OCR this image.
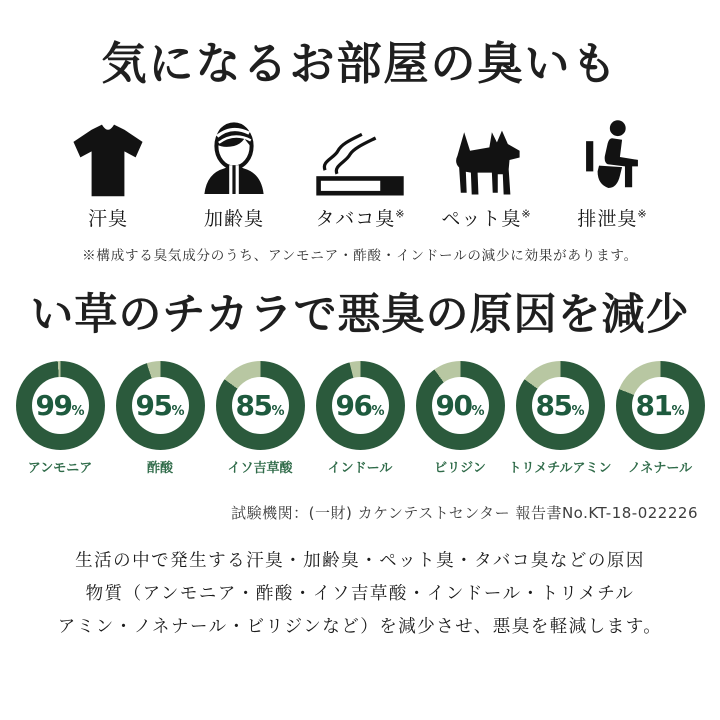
気になるお部屋の臭いも
汗臭	加齢臭	タバコ臭※ ペット臭※ 排泄臭※

※構成する臭気成分のうち、アンモニア・酢酸・インドールの減少に効果があります。

い草のチカラで悪臭の原因を減少
99 %
アンモニア
95 %
酢酸
85 %
イソ吉草酸
96 %
インドール
90 %
ビリジン
85 %
トリメチルアミン
81 %
ノネナール

試験機関：(一財) カケンテストセンター 報告書No.KT-18-022226

生活の中で発生する汗臭・加齢臭・ペット臭・タバコ臭などの原因

物質（アンモニア・酢酸・イソ吉草酸・インドール・トリメチル

アミン・ノネナール・ビリジンなど）を減少させ、悪臭を軽減します。
